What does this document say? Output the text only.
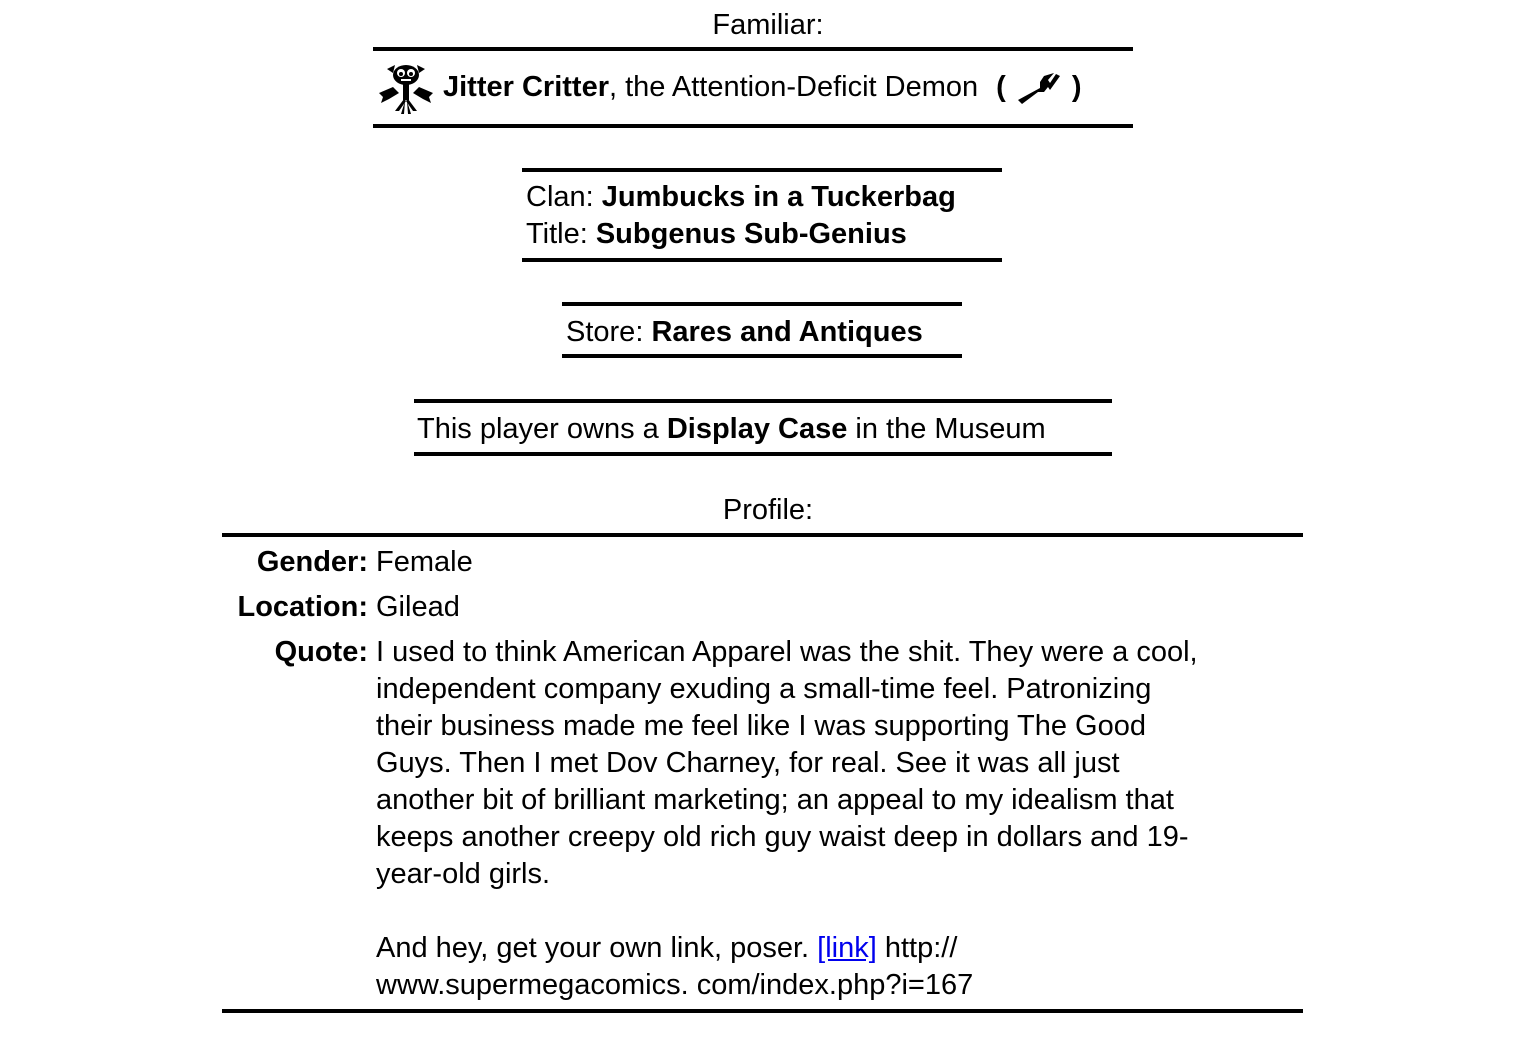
Familiar:
Jitter Critter , the Attention-Deficit Demon ( )
Clan: Jumbucks in a Tuckerbag
Title: Subgenus Sub-Genius
Store: Rares and Antiques
This player owns a Display Case in the Museum
Profile:
Gender: Female
Location: Gilead
Quote: I used to think American Apparel was the shit. They were a cool,
independent company exuding a small-time feel. Patronizing
their business made me feel like I was supporting The Good
Guys. Then I met Dov Charney, for real. See it was all just
another bit of brilliant marketing; an appeal to my idealism that
keeps another creepy old rich guy waist deep in dollars and 19-
year-old girls.
And hey, get your own link, poser. [link] http://
www.supermegacomics. com/index.php?i=167
